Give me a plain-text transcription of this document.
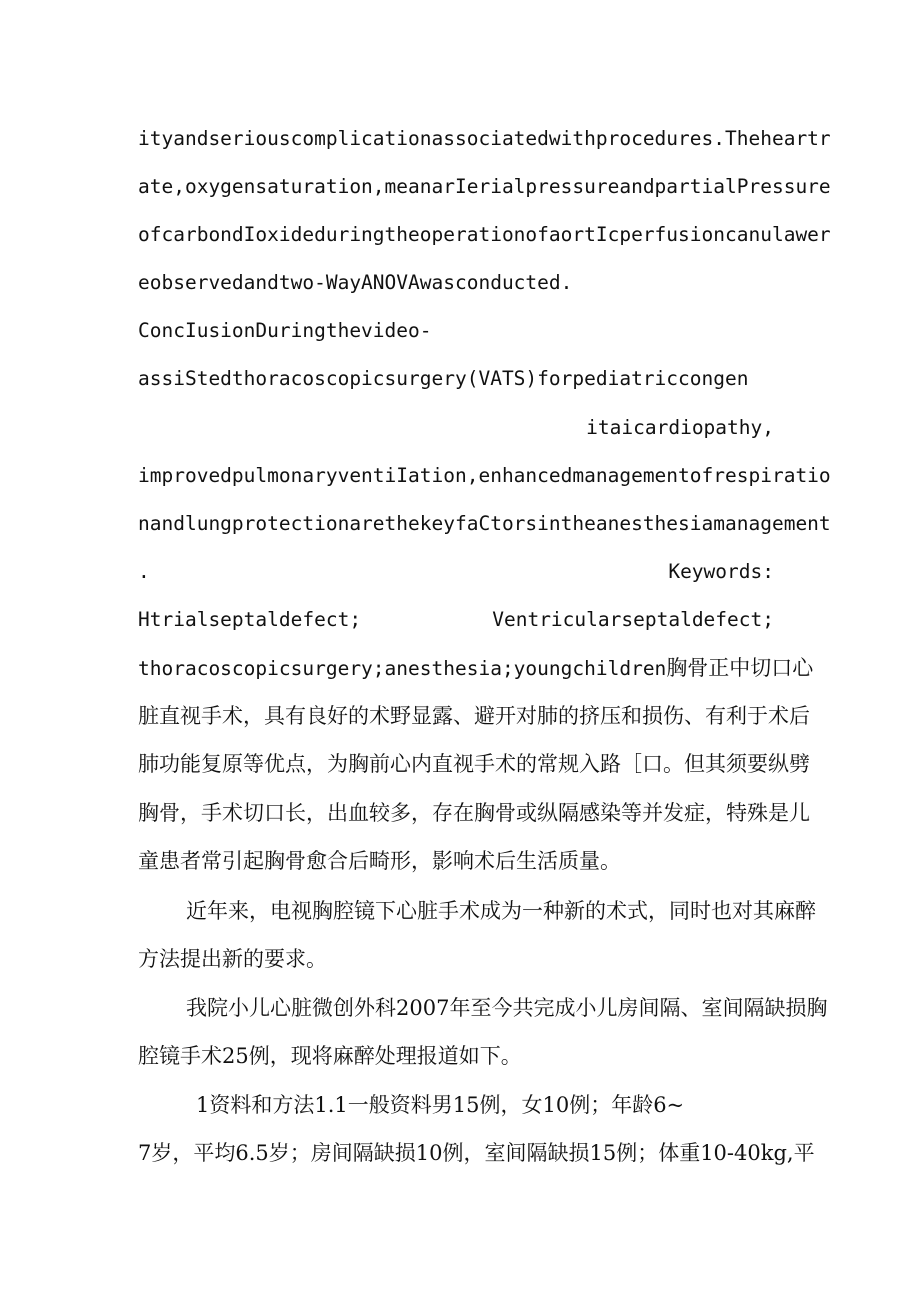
ityandseriouscomplicationassociatedwithprocedures.Theheartr
ate,oxygensaturation,meanarIerialpressureandpartialPressure
ofcarbondIoxideduringtheoperationofaortIcperfusioncanulawer
eobservedandtwo-WayANOVAwasconducted.
ConcIusionDuringthevideo-
assiStedthoracoscopicsurgery(VATS)forpediatriccongen
itaicardiopathy,
improvedpulmonaryventiIation,enhancedmanagementofrespiratio
nandlungprotectionarethekeyfaCtorsintheanesthesiamanagement
.	Keywords:
Htrialseptaldefect;	Ventricularseptaldefect;
thoracoscopicsurgery;anesthesia;youngchildren胸骨正中切口心
脏直视手术，具有良好的术野显露、避开对肺的挤压和损伤、有利于术后
肺功能复原等优点，为胸前心内直视手术的常规入路［口。但其须要纵劈
胸骨，手术切口长，出血较多，存在胸骨或纵隔感染等并发症，特殊是儿
童患者常引起胸骨愈合后畸形，影响术后生活质量。
近年来，电视胸腔镜下心脏手术成为一种新的术式，同时也对其麻醉
方法提出新的要求。
我院小儿心脏微创外科2007年至今共完成小儿房间隔、室间隔缺损胸
腔镜手术25例，现将麻醉处理报道如下。
1资料和方法1.1一般资料男15例，女10例；年龄6~
7岁，平均6.5岁；房间隔缺损10例，室间隔缺损15例；体重10-40kg,平
